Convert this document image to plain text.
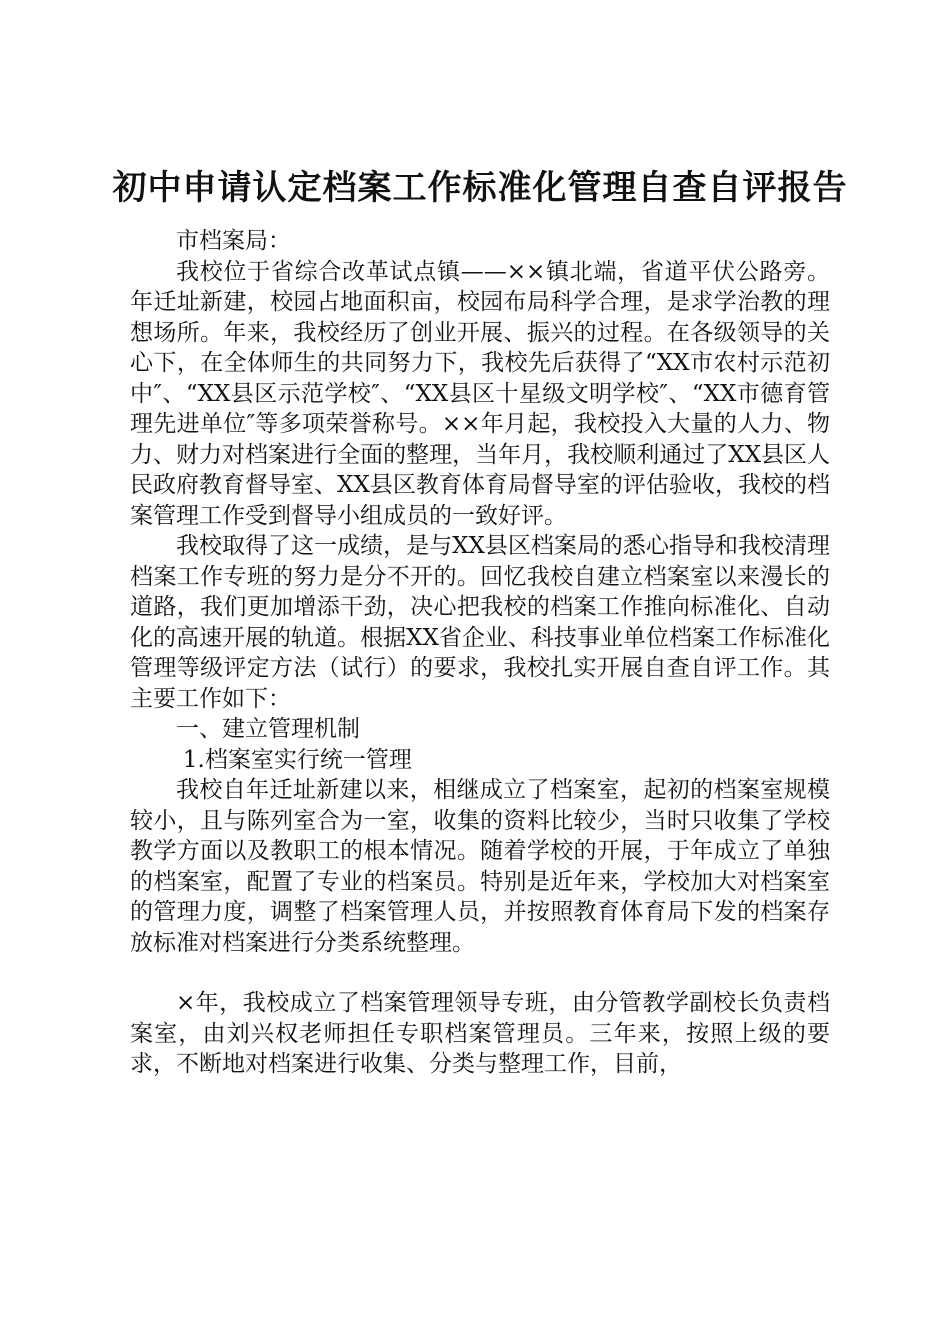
初中申请认定档案工作标准化管理自查自评报告

市档案局：

我校位于省综合改革试点镇——××镇北端，省道平伏公路旁。年迁址新建，校园占地面积亩，校园布局科学合理，是求学治教的理想场所。年来，我校经历了创业开展、振兴的过程。在各级领导的关心下，在全体师生的共同努力下，我校先后获得了“XX市农村示范初中″、“XX县区示范学校″、“XX县区十星级文明学校″、“XX市德育管理先进单位″等多项荣誉称号。××年月起，我校投入大量的人力、物力、财力对档案进行全面的整理，当年月，我校顺利通过了XX县区人民政府教育督导室、XX县区教育体育局督导室的评估验收，我校的档案管理工作受到督导小组成员的一致好评。

我校取得了这一成绩，是与XX县区档案局的悉心指导和我校清理档案工作专班的努力是分不开的。回忆我校自建立档案室以来漫长的道路，我们更加增添干劲，决心把我校的档案工作推向标准化、自动化的高速开展的轨道。根据XX省企业、科技事业单位档案工作标准化管理等级评定方法（试行）的要求，我校扎实开展自查自评工作。其主要工作如下：

一、建立管理机制

1.档案室实行统一管理

我校自年迁址新建以来，相继成立了档案室，起初的档案室规模较小，且与陈列室合为一室，收集的资料比较少，当时只收集了学校教学方面以及教职工的根本情况。随着学校的开展，于年成立了单独的档案室，配置了专业的档案员。特别是近年来，学校加大对档案室的管理力度，调整了档案管理人员，并按照教育体育局下发的档案存放标准对档案进行分类系统整理。

×年，我校成立了档案管理领导专班，由分管教学副校长负责档案室，由刘兴权老师担任专职档案管理员。三年来，按照上级的要求，不断地对档案进行收集、分类与整理工作，目前，
